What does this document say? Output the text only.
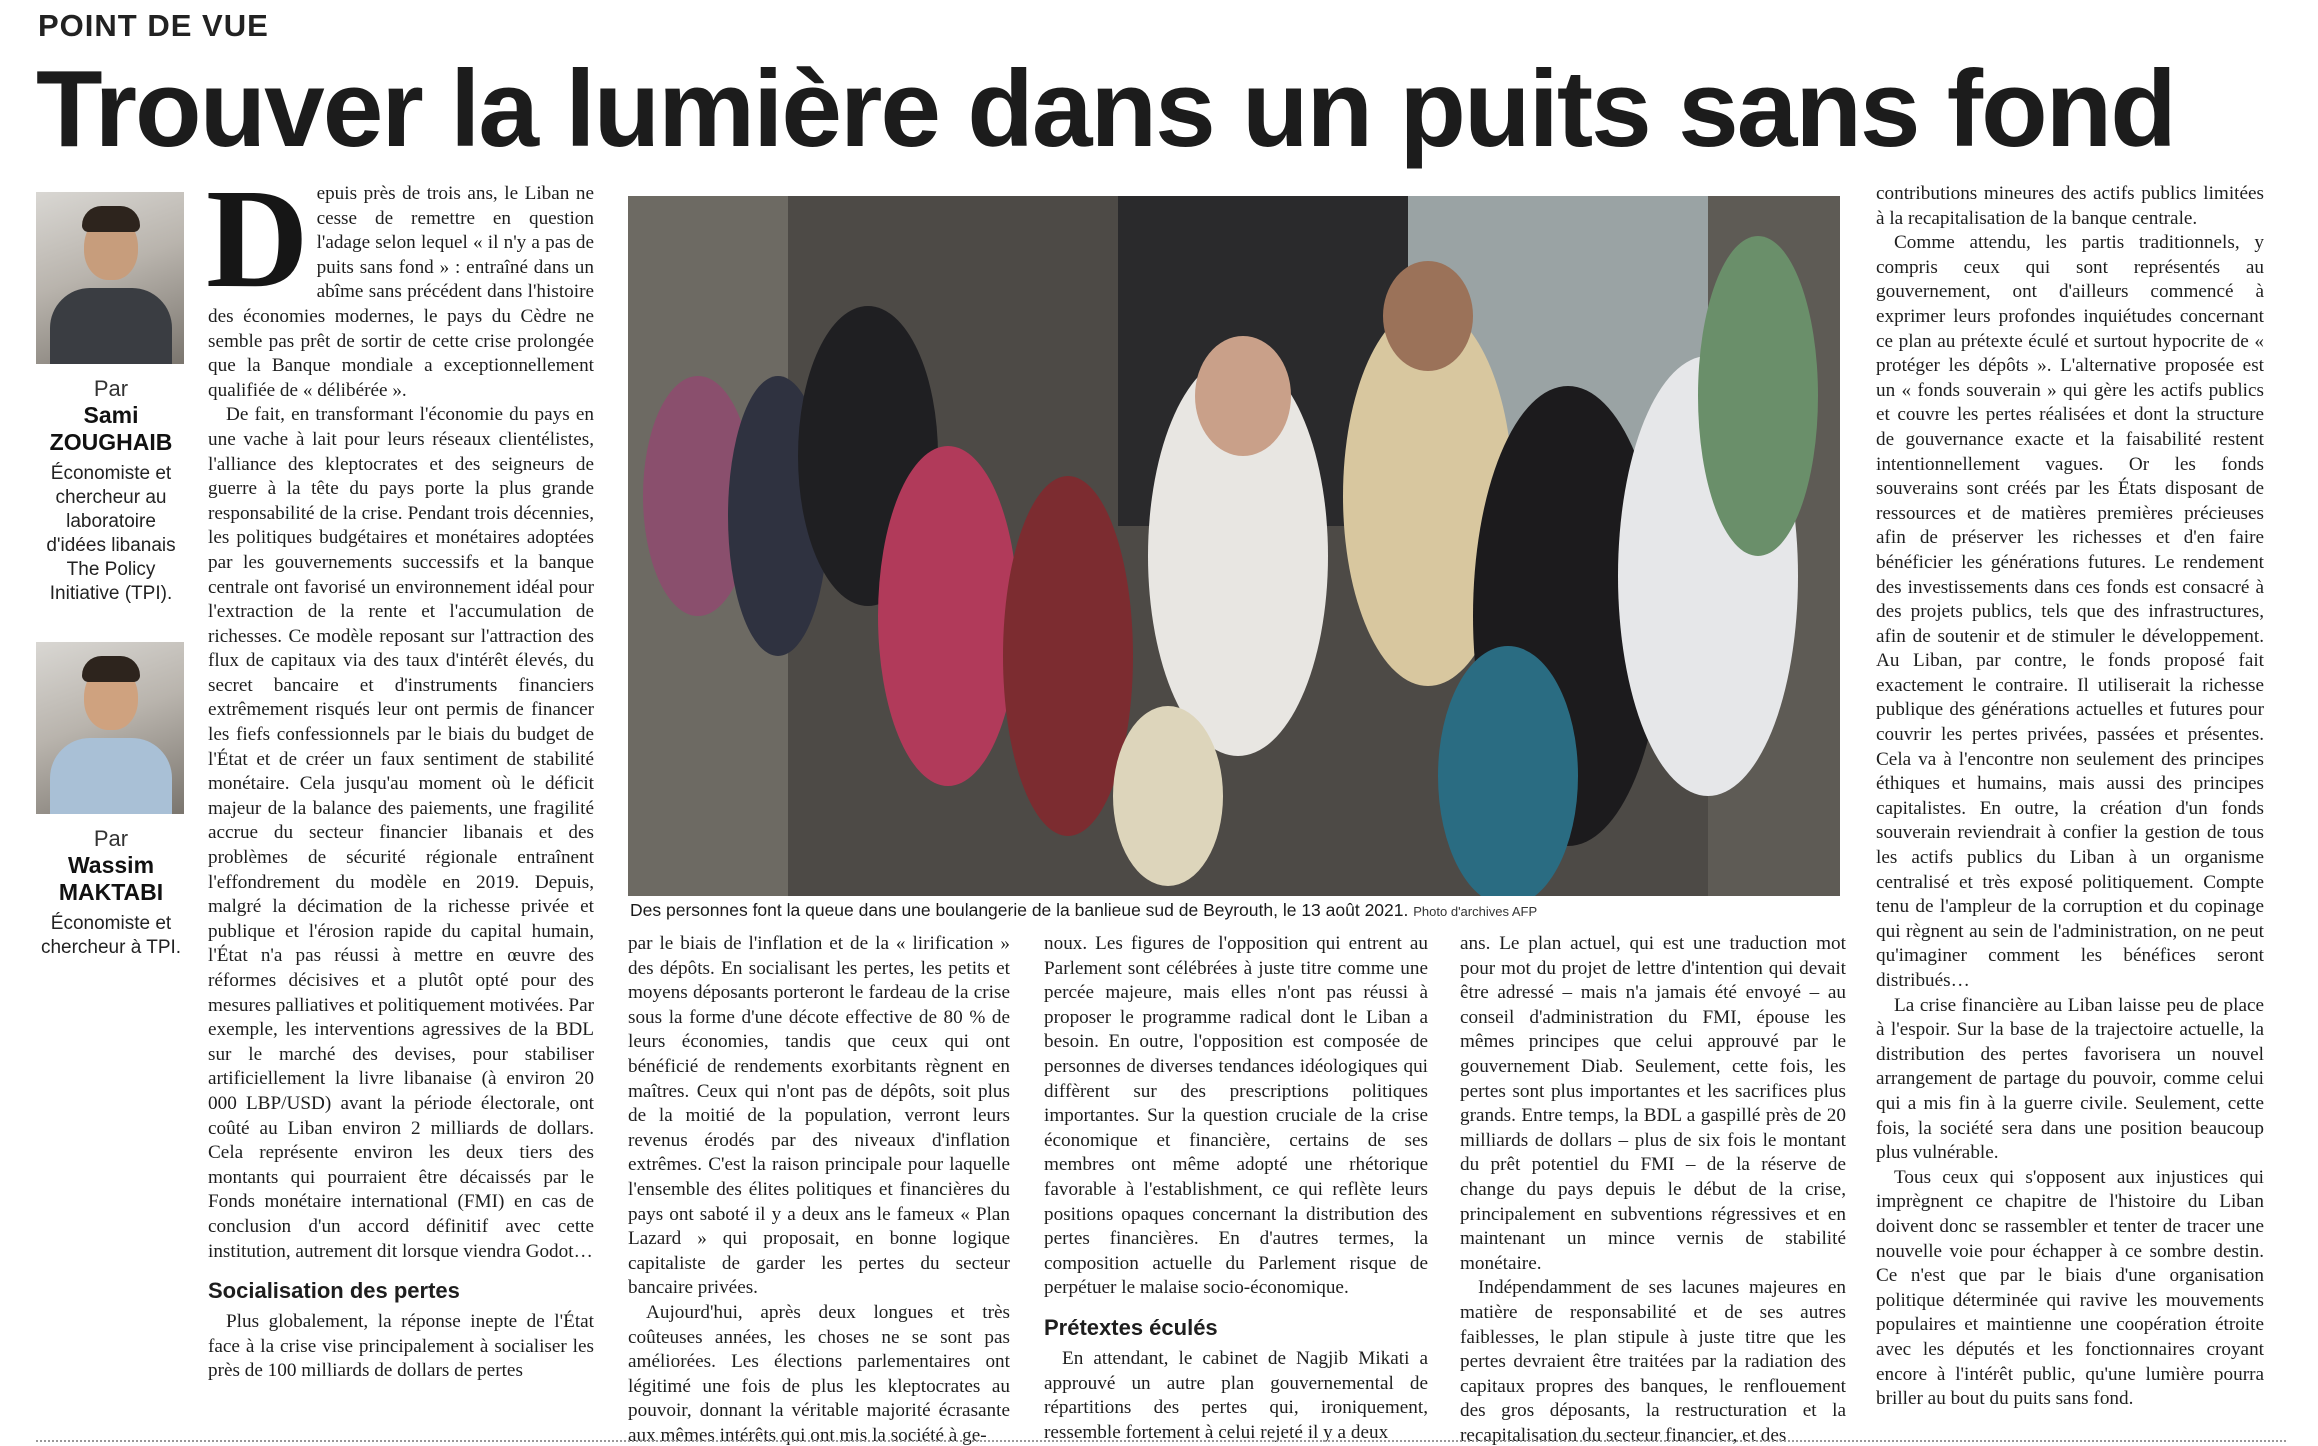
POINT DE VUE
Trouver la lumière dans un puits sans fond
Par
Sami
ZOUGHAIB
Économiste et chercheur au laboratoire d'idées libanais The Policy Initiative (TPI).
Par
Wassim
MAKTABI
Économiste et chercheur à TPI.

Depuis près de trois ans, le Liban ne cesse de remettre en question l'adage selon lequel « il n'y a pas de puits sans fond » : entraîné dans un abîme sans précédent dans l'histoire des économies modernes, le pays du Cèdre ne semble pas prêt de sortir de cette crise prolongée que la Banque mondiale a exceptionnellement qualifiée de « délibérée ».

De fait, en transformant l'économie du pays en une vache à lait pour leurs réseaux clientélistes, l'alliance des kleptocrates et des seigneurs de guerre à la tête du pays porte la plus grande responsabilité de la crise. Pendant trois décennies, les politiques budgétaires et monétaires adoptées par les gouvernements successifs et la banque centrale ont favorisé un environnement idéal pour l'extraction de la rente et l'accumulation de richesses. Ce modèle reposant sur l'attraction des flux de capitaux via des taux d'intérêt élevés, du secret bancaire et d'instruments financiers extrêmement risqués leur ont permis de financer les fiefs confessionnels par le biais du budget de l'État et de créer un faux sentiment de stabilité monétaire. Cela jusqu'au moment où le déficit majeur de la balance des paiements, une fragilité accrue du secteur financier libanais et des problèmes de sécurité régionale entraînent l'effondrement du modèle en 2019. Depuis, malgré la décimation de la richesse privée et publique et l'érosion rapide du capital humain, l'État n'a pas réussi à mettre en œuvre des réformes décisives et a plutôt opté pour des mesures palliatives et politiquement motivées. Par exemple, les interventions agressives de la BDL sur le marché des devises, pour stabiliser artificiellement la livre libanaise (à environ 20 000 LBP/USD) avant la période électorale, ont coûté au Liban environ 2 milliards de dollars. Cela représente environ les deux tiers des montants qui pourraient être décaissés par le Fonds monétaire international (FMI) en cas de conclusion d'un accord définitif avec cette institution, autrement dit lorsque viendra Godot…

Socialisation des pertes

Plus globalement, la réponse inepte de l'État face à la crise vise principalement à socialiser les près de 100 milliards de dollars de pertes

Des personnes font la queue dans une boulangerie de la banlieue sud de Beyrouth, le 13 août 2021. Photo d'archives AFP

par le biais de l'inflation et de la « lirification » des dépôts. En socialisant les pertes, les petits et moyens déposants porteront le fardeau de la crise sous la forme d'une décote effective de 80 % de leurs économies, tandis que ceux qui ont bénéficié de rendements exorbitants règnent en maîtres. Ceux qui n'ont pas de dépôts, soit plus de la moitié de la population, verront leurs revenus érodés par des niveaux d'inflation extrêmes. C'est la raison principale pour laquelle l'ensemble des élites politiques et financières du pays ont saboté il y a deux ans le fameux « Plan Lazard » qui proposait, en bonne logique capitaliste de garder les pertes du secteur bancaire privées.

Aujourd'hui, après deux longues et très coûteuses années, les choses ne se sont pas améliorées. Les élections parlementaires ont légitimé une fois de plus les kleptocrates au pouvoir, donnant la véritable majorité écrasante aux mêmes intérêts qui ont mis la société à ge-

noux. Les figures de l'opposition qui entrent au Parlement sont célébrées à juste titre comme une percée majeure, mais elles n'ont pas réussi à proposer le programme radical dont le Liban a besoin. En outre, l'opposition est composée de personnes de diverses tendances idéologiques qui diffèrent sur des prescriptions politiques importantes. Sur la question cruciale de la crise économique et financière, certains de ses membres ont même adopté une rhétorique favorable à l'establishment, ce qui reflète leurs positions opaques concernant la distribution des pertes financières. En d'autres termes, la composition actuelle du Parlement risque de perpétuer le malaise socio-économique.

Prétextes éculés

En attendant, le cabinet de Nagjib Mikati a approuvé un autre plan gouvernemental de répartitions des pertes qui, ironiquement, ressemble fortement à celui rejeté il y a deux

ans. Le plan actuel, qui est une traduction mot pour mot du projet de lettre d'intention qui devait être adressé – mais n'a jamais été envoyé – au conseil d'administration du FMI, épouse les mêmes principes que celui approuvé par le gouvernement Diab. Seulement, cette fois, les pertes sont plus importantes et les sacrifices plus grands. Entre temps, la BDL a gaspillé près de 20 milliards de dollars – plus de six fois le montant du prêt potentiel du FMI – de la réserve de change du pays depuis le début de la crise, principalement en subventions régressives et en maintenant un mince vernis de stabilité monétaire.

Indépendamment de ses lacunes majeures en matière de responsabilité et de ses autres faiblesses, le plan stipule à juste titre que les pertes devraient être traitées par la radiation des capitaux propres des banques, le renflouement des gros déposants, la restructuration et la recapitalisation du secteur financier, et des

contributions mineures des actifs publics limitées à la recapitalisation de la banque centrale.

Comme attendu, les partis traditionnels, y compris ceux qui sont représentés au gouvernement, ont d'ailleurs commencé à exprimer leurs profondes inquiétudes concernant ce plan au prétexte éculé et surtout hypocrite de « protéger les dépôts ». L'alternative proposée est un « fonds souverain » qui gère les actifs publics et couvre les pertes réalisées et dont la structure de gouvernance exacte et la faisabilité restent intentionnellement vagues. Or les fonds souverains sont créés par les États disposant de ressources et de matières premières précieuses afin de préserver les richesses et d'en faire bénéficier les générations futures. Le rendement des investissements dans ces fonds est consacré à des projets publics, tels que des infrastructures, afin de soutenir et de stimuler le développement. Au Liban, par contre, le fonds proposé fait exactement le contraire. Il utiliserait la richesse publique des générations actuelles et futures pour couvrir les pertes privées, passées et présentes. Cela va à l'encontre non seulement des principes éthiques et humains, mais aussi des principes capitalistes. En outre, la création d'un fonds souverain reviendrait à confier la gestion de tous les actifs publics du Liban à un organisme centralisé et très exposé politiquement. Compte tenu de l'ampleur de la corruption et du copinage qui règnent au sein de l'administration, on ne peut qu'imaginer comment les bénéfices seront distribués…

La crise financière au Liban laisse peu de place à l'espoir. Sur la base de la trajectoire actuelle, la distribution des pertes favorisera un nouvel arrangement de partage du pouvoir, comme celui qui a mis fin à la guerre civile. Seulement, cette fois, la société sera dans une position beaucoup plus vulnérable.

Tous ceux qui s'opposent aux injustices qui imprègnent ce chapitre de l'histoire du Liban doivent donc se rassembler et tenter de tracer une nouvelle voie pour échapper à ce sombre destin. Ce n'est que par le biais d'une organisation politique déterminée qui ravive les mouvements populaires et maintienne une coopération étroite avec les députés et les fonctionnaires croyant encore à l'intérêt public, qu'une lumière pourra briller au bout du puits sans fond.
